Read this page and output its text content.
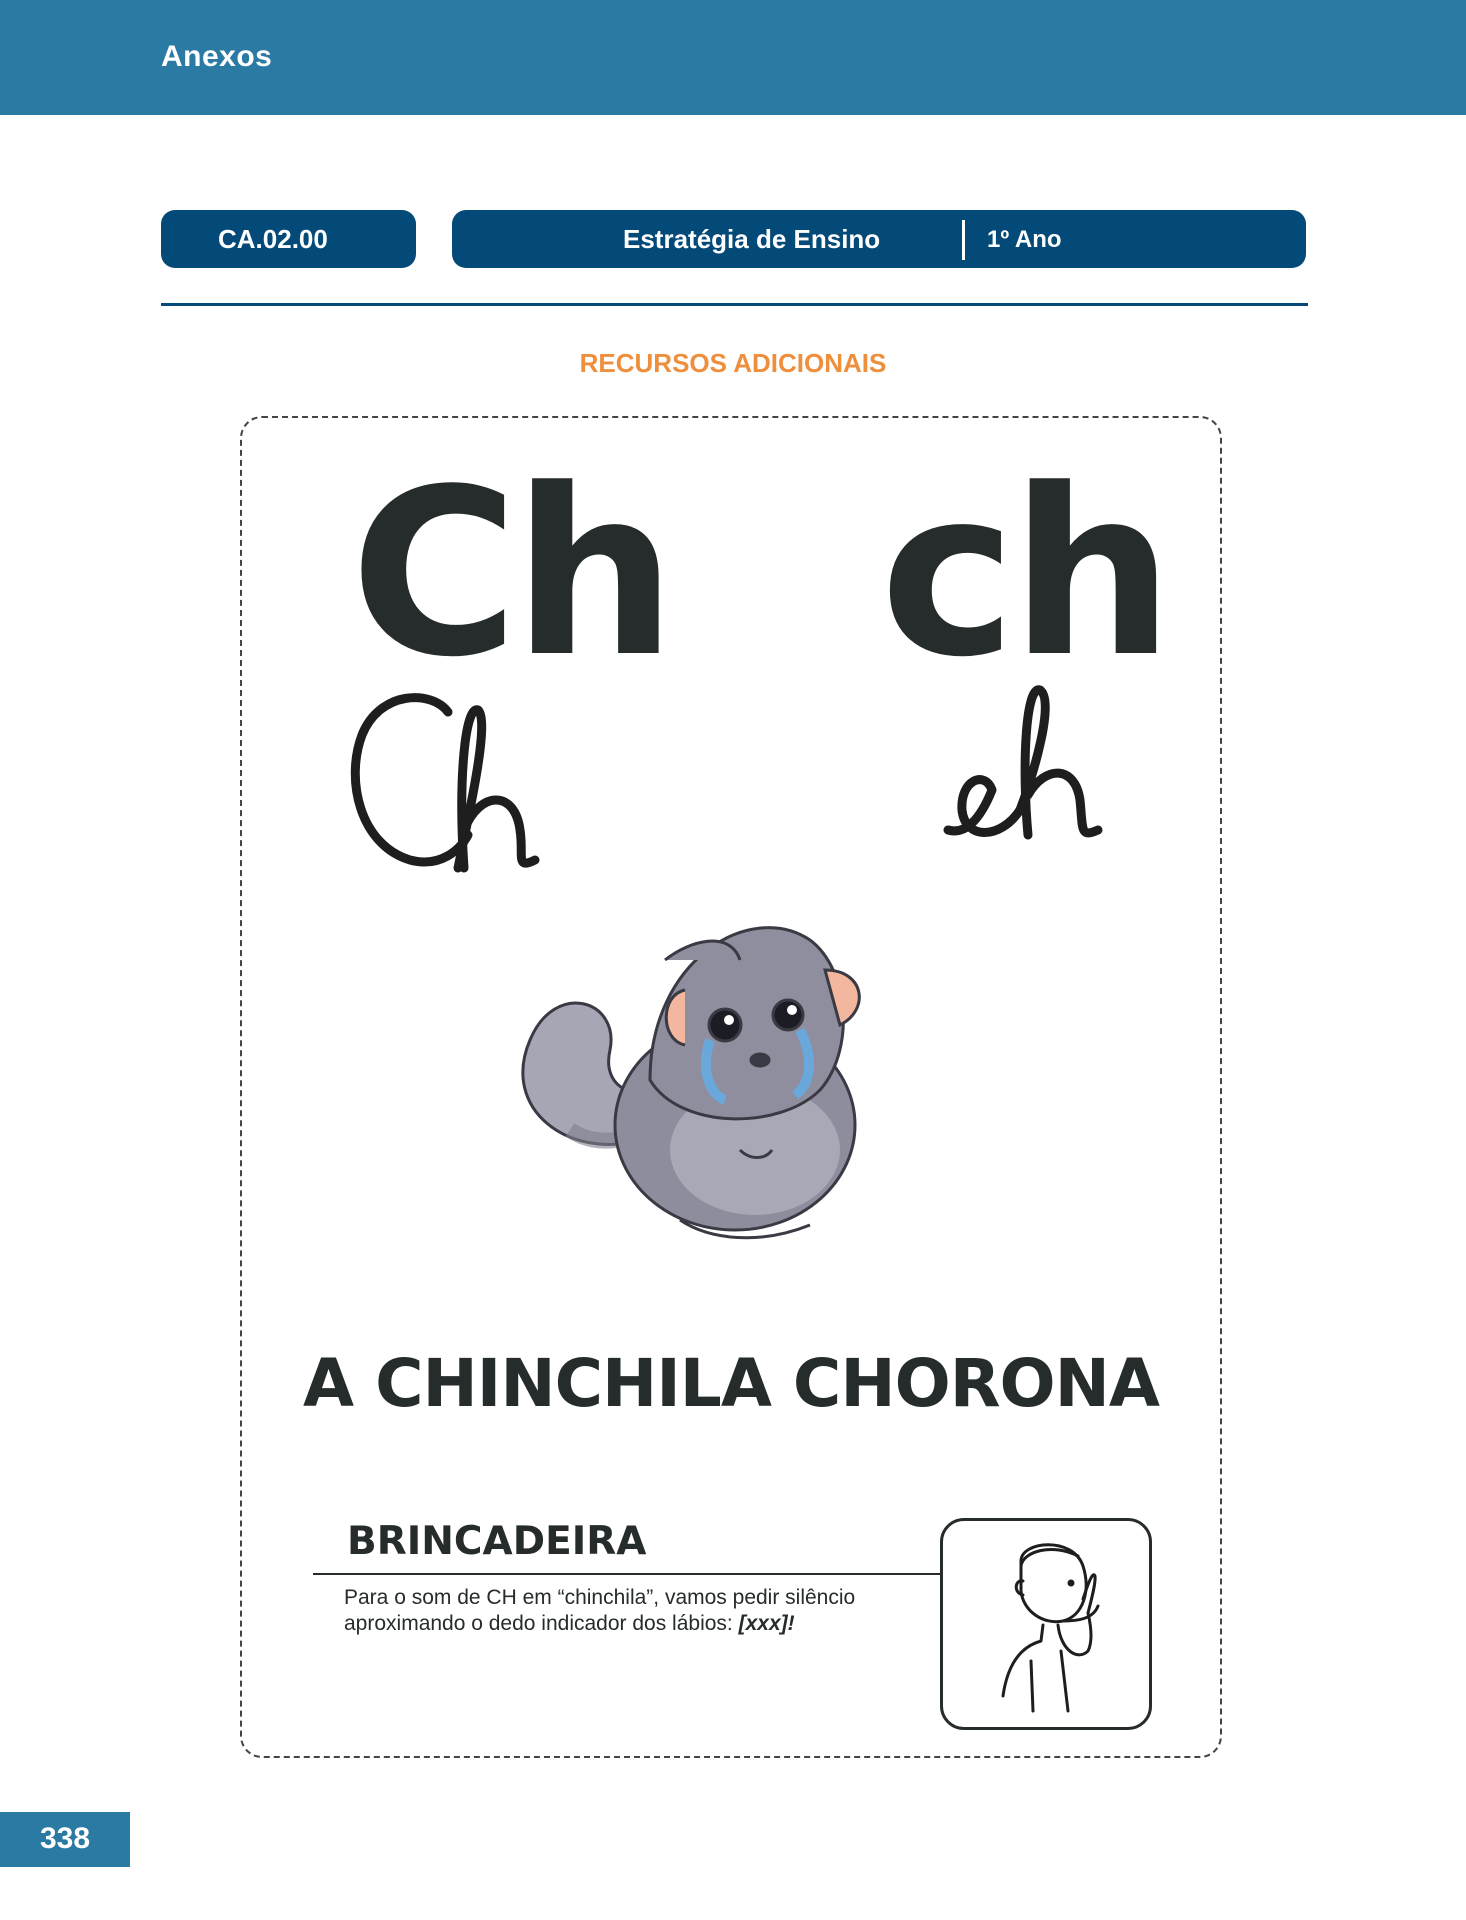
Anexos
CA.02.00	Estratégia de Ensino	1º Ano
RECURSOS ADICIONAIS
Ch ch
A CHINCHILA CHORONA
BRINCADEIRA
Para o som de CH em “chinchila”, vamos pedir silêncio
aproximando o dedo indicador dos lábios: [xxx]!
338
